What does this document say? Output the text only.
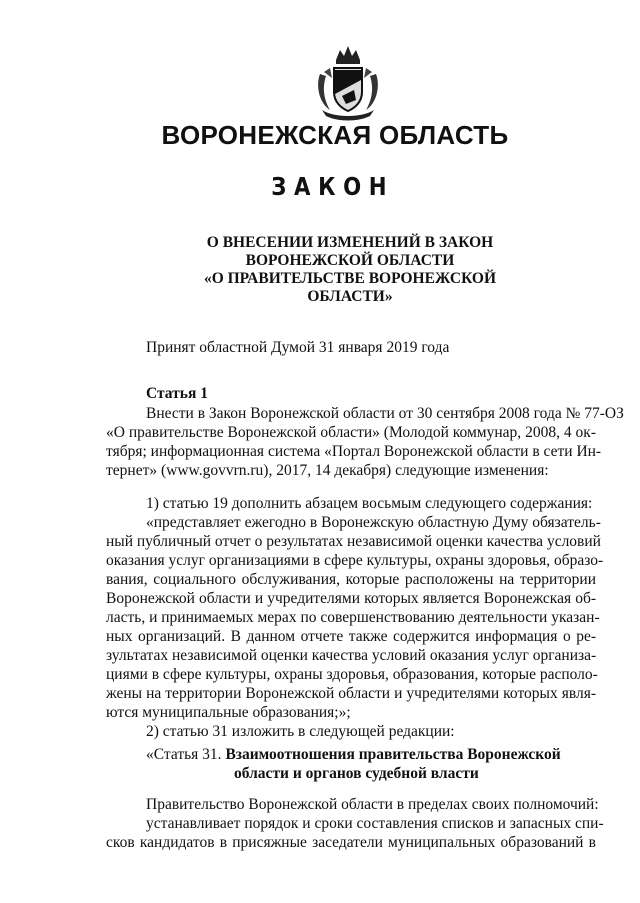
ВОРОНЕЖСКАЯ ОБЛАСТЬ
ЗАКОН
О ВНЕСЕНИИ ИЗМЕНЕНИЙ В ЗАКОН
ВОРОНЕЖСКОЙ ОБЛАСТИ
«О ПРАВИТЕЛЬСТВЕ ВОРОНЕЖСКОЙ
ОБЛАСТИ»
Принят областной Думой 31 января 2019 года
Статья 1
Внести в Закон Воронежской области от 30 сентября 2008 года № 77-ОЗ
«О правительстве Воронежской области» (Молодой коммунар, 2008, 4 ок-
тября; информационная система «Портал Воронежской области в сети Ин-
тернет» (www.govvrn.ru), 2017, 14 декабря) следующие изменения:
1) статью 19 дополнить абзацем восьмым следующего содержания:
«представляет ежегодно в Воронежскую областную Думу обязатель-
ный публичный отчет о результатах независимой оценки качества условий
оказания услуг организациями в сфере культуры, охраны здоровья, образо-
вания, социального обслуживания, которые расположены на территории
Воронежской области и учредителями которых является Воронежская об-
ласть, и принимаемых мерах по совершенствованию деятельности указан-
ных организаций. В данном отчете также содержится информация о ре-
зультатах независимой оценки качества условий оказания услуг организа-
циями в сфере культуры, охраны здоровья, образования, которые располо-
жены на территории Воронежской области и учредителями которых явля-
ются муниципальные образования;»;
2) статью 31 изложить в следующей редакции:
«Статья 31. Взаимоотношения правительства Воронежской
области и органов судебной власти
Правительство Воронежской области в пределах своих полномочий:
устанавливает порядок и сроки составления списков и запасных спи-
сков кандидатов в присяжные заседатели муниципальных образований в
